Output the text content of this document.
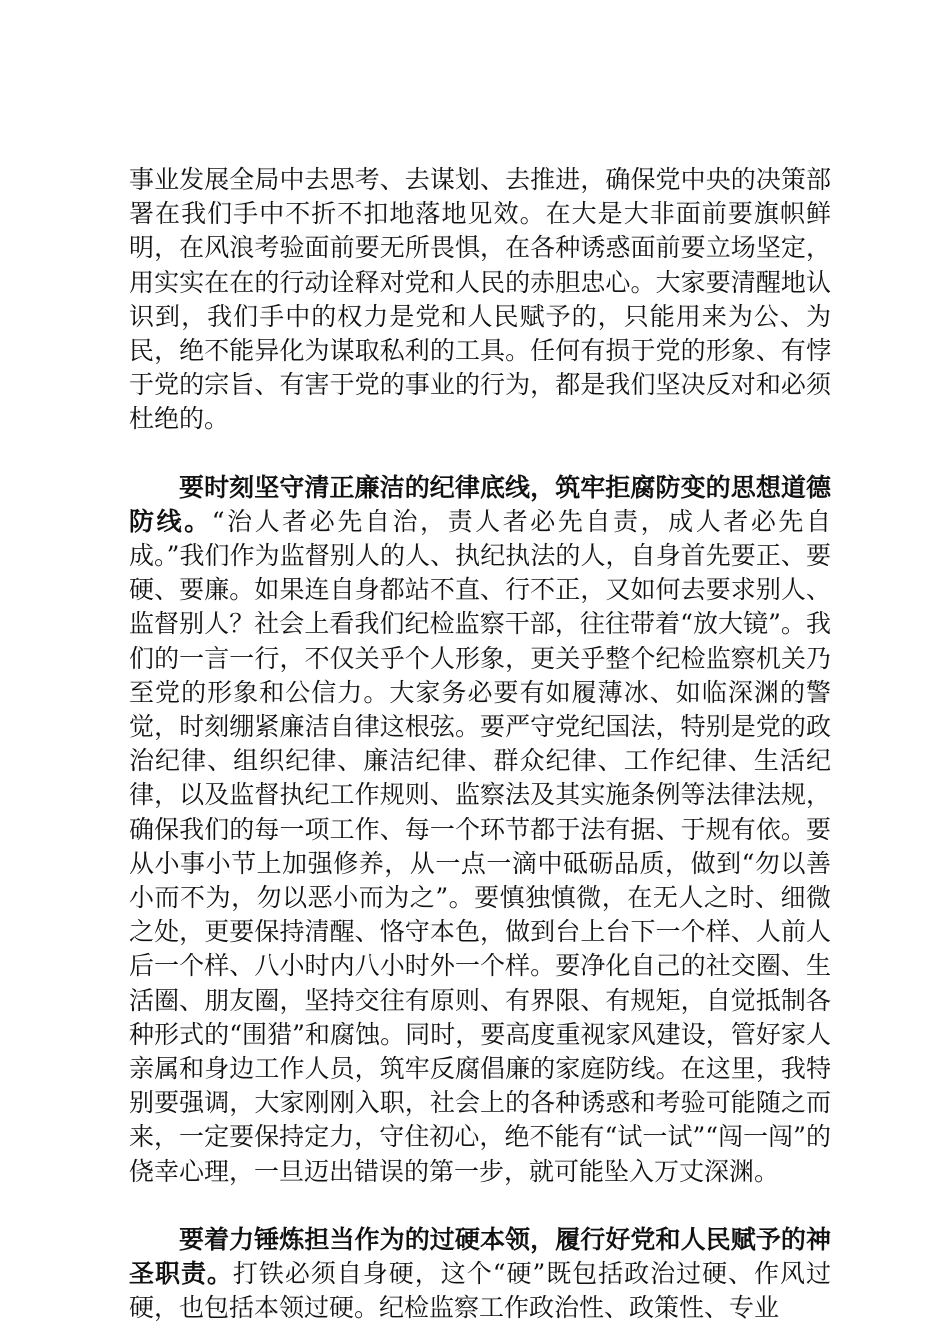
事业发展全局中去思考、去谋划、去推进，确保党中央的决策部署在我们手中不折不扣地落地见效。在大是大非面前要旗帜鲜明，在风浪考验面前要无所畏惧，在各种诱惑面前要立场坚定，用实实在在的行动诠释对党和人民的赤胆忠心。大家要清醒地认识到，我们手中的权力是党和人民赋予的，只能用来为公、为民，绝不能异化为谋取私利的工具。任何有损于党的形象、有悖于党的宗旨、有害于党的事业的行为，都是我们坚决反对和必须杜绝的。

要时刻坚守清正廉洁的纪律底线，筑牢拒腐防变的思想道德防线。“治人者必先自治，责人者必先自责，成人者必先自成。”我们作为监督别人的人、执纪执法的人，自身首先要正、要硬、要廉。如果连自身都站不直、行不正，又如何去要求别人、监督别人？社会上看我们纪检监察干部，往往带着“放大镜”。我们的一言一行，不仅关乎个人形象，更关乎整个纪检监察机关乃至党的形象和公信力。大家务必要有如履薄冰、如临深渊的警觉，时刻绷紧廉洁自律这根弦。要严守党纪国法，特别是党的政治纪律、组织纪律、廉洁纪律、群众纪律、工作纪律、生活纪律，以及监督执纪工作规则、监察法及其实施条例等法律法规，确保我们的每一项工作、每一个环节都于法有据、于规有依。要从小事小节上加强修养，从一点一滴中砥砺品质，做到“勿以善小而不为，勿以恶小而为之”。要慎独慎微，在无人之时、细微之处，更要保持清醒、恪守本色，做到台上台下一个样、人前人后一个样、八小时内八小时外一个样。要净化自己的社交圈、生活圈、朋友圈，坚持交往有原则、有界限、有规矩，自觉抵制各种形式的“围猎”和腐蚀。同时，要高度重视家风建设，管好家人亲属和身边工作人员，筑牢反腐倡廉的家庭防线。在这里，我特别要强调，大家刚刚入职，社会上的各种诱惑和考验可能随之而来，一定要保持定力，守住初心，绝不能有“试一试”“闯一闯”的侥幸心理，一旦迈出错误的第一步，就可能坠入万丈深渊。

要着力锤炼担当作为的过硬本领，履行好党和人民赋予的神圣职责。打铁必须自身硬，这个“硬”既包括政治过硬、作风过硬，也包括本领过硬。纪检监察工作政治性、政策性、专业
